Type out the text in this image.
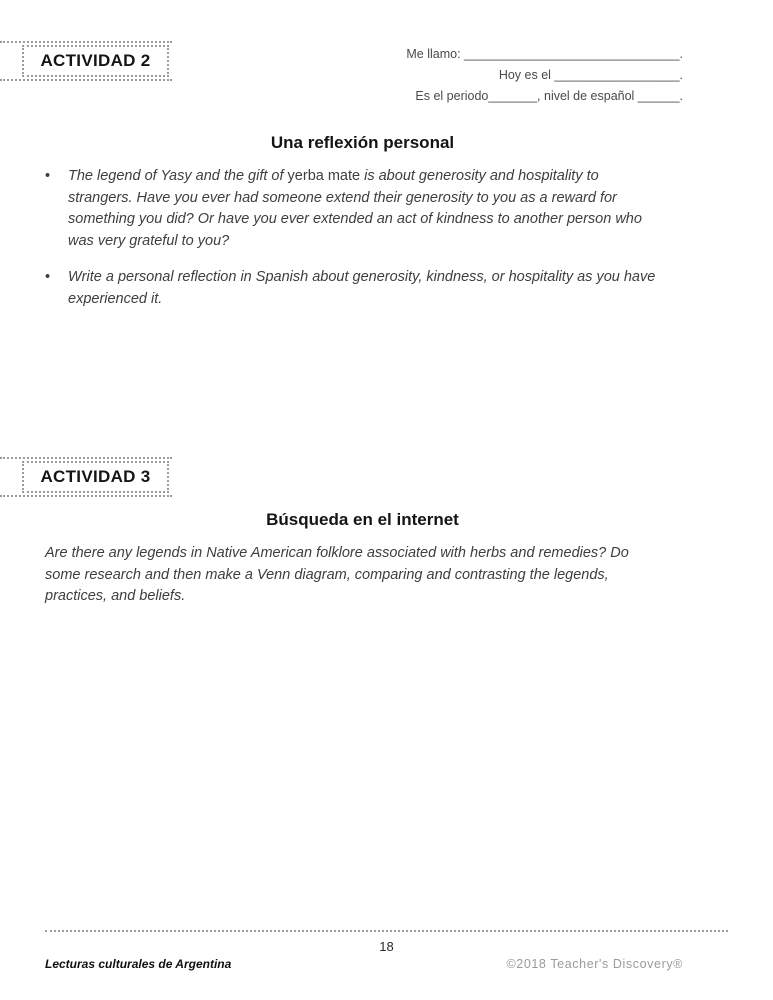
ACTIVIDAD 2	Me llamo: _______________________________.
Hoy es el __________________.
Es el periodo_______, nivel de español ______.
Una reflexión personal
•	The legend of Yasy and the gift of yerba mate is about generosity and hospitality to strangers. Have you ever had someone extend their generosity to you as a reward for something you did? Or have you ever extended an act of kindness to another person who was very grateful to you?
•	Write a personal reflection in Spanish about generosity, kindness, or hospitality as you have experienced it.
ACTIVIDAD 3
Búsqueda en el internet
Are there any legends in Native American folklore associated with herbs and remedies? Do some research and then make a Venn diagram, comparing and contrasting the legends, practices, and beliefs.
18
Lecturas culturales de Argentina	©2018 Teacher's Discovery®
